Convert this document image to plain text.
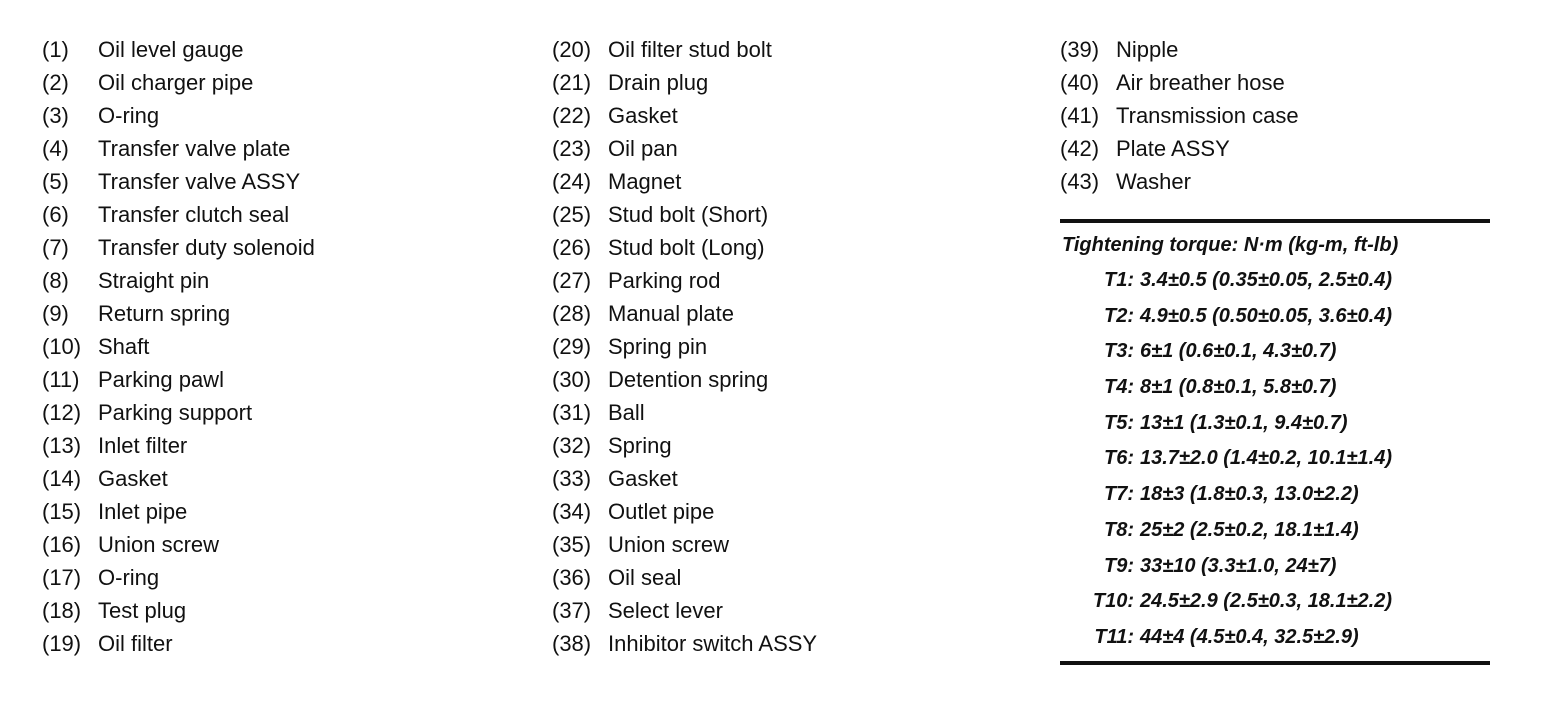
(1)	Oil level gauge
(2)	Oil charger pipe
(3)	O-ring
(4)	Transfer valve plate
(5)	Transfer valve ASSY
(6)	Transfer clutch seal
(7)	Transfer duty solenoid
(8)	Straight pin
(9)	Return spring
(10) Shaft
(11) Parking pawl
(12) Parking support
(13) Inlet filter
(14) Gasket
(15) Inlet pipe
(16) Union screw
(17) O-ring
(18) Test plug
(19) Oil filter
(20) Oil filter stud bolt
(21) Drain plug
(22) Gasket
(23) Oil pan
(24) Magnet
(25) Stud bolt (Short)
(26) Stud bolt (Long)
(27) Parking rod
(28) Manual plate
(29) Spring pin
(30) Detention spring
(31) Ball
(32) Spring
(33) Gasket
(34) Outlet pipe
(35) Union screw
(36) Oil seal
(37) Select lever
(38) Inhibitor switch ASSY
(39) Nipple
(40) Air breather hose
(41) Transmission case
(42) Plate ASSY
(43) Washer
Tightening torque: N·m (kg-m, ft-lb)
T1: 3.4±0.5 (0.35±0.05, 2.5±0.4)
T2: 4.9±0.5 (0.50±0.05, 3.6±0.4)
T3: 6±1 (0.6±0.1, 4.3±0.7)
T4: 8±1 (0.8±0.1, 5.8±0.7)
T5: 13±1 (1.3±0.1, 9.4±0.7)
T6: 13.7±2.0 (1.4±0.2, 10.1±1.4)
T7: 18±3 (1.8±0.3, 13.0±2.2)
T8: 25±2 (2.5±0.2, 18.1±1.4)
T9: 33±10 (3.3±1.0, 24±7)
T10: 24.5±2.9 (2.5±0.3, 18.1±2.2)
T11: 44±4 (4.5±0.4, 32.5±2.9)
